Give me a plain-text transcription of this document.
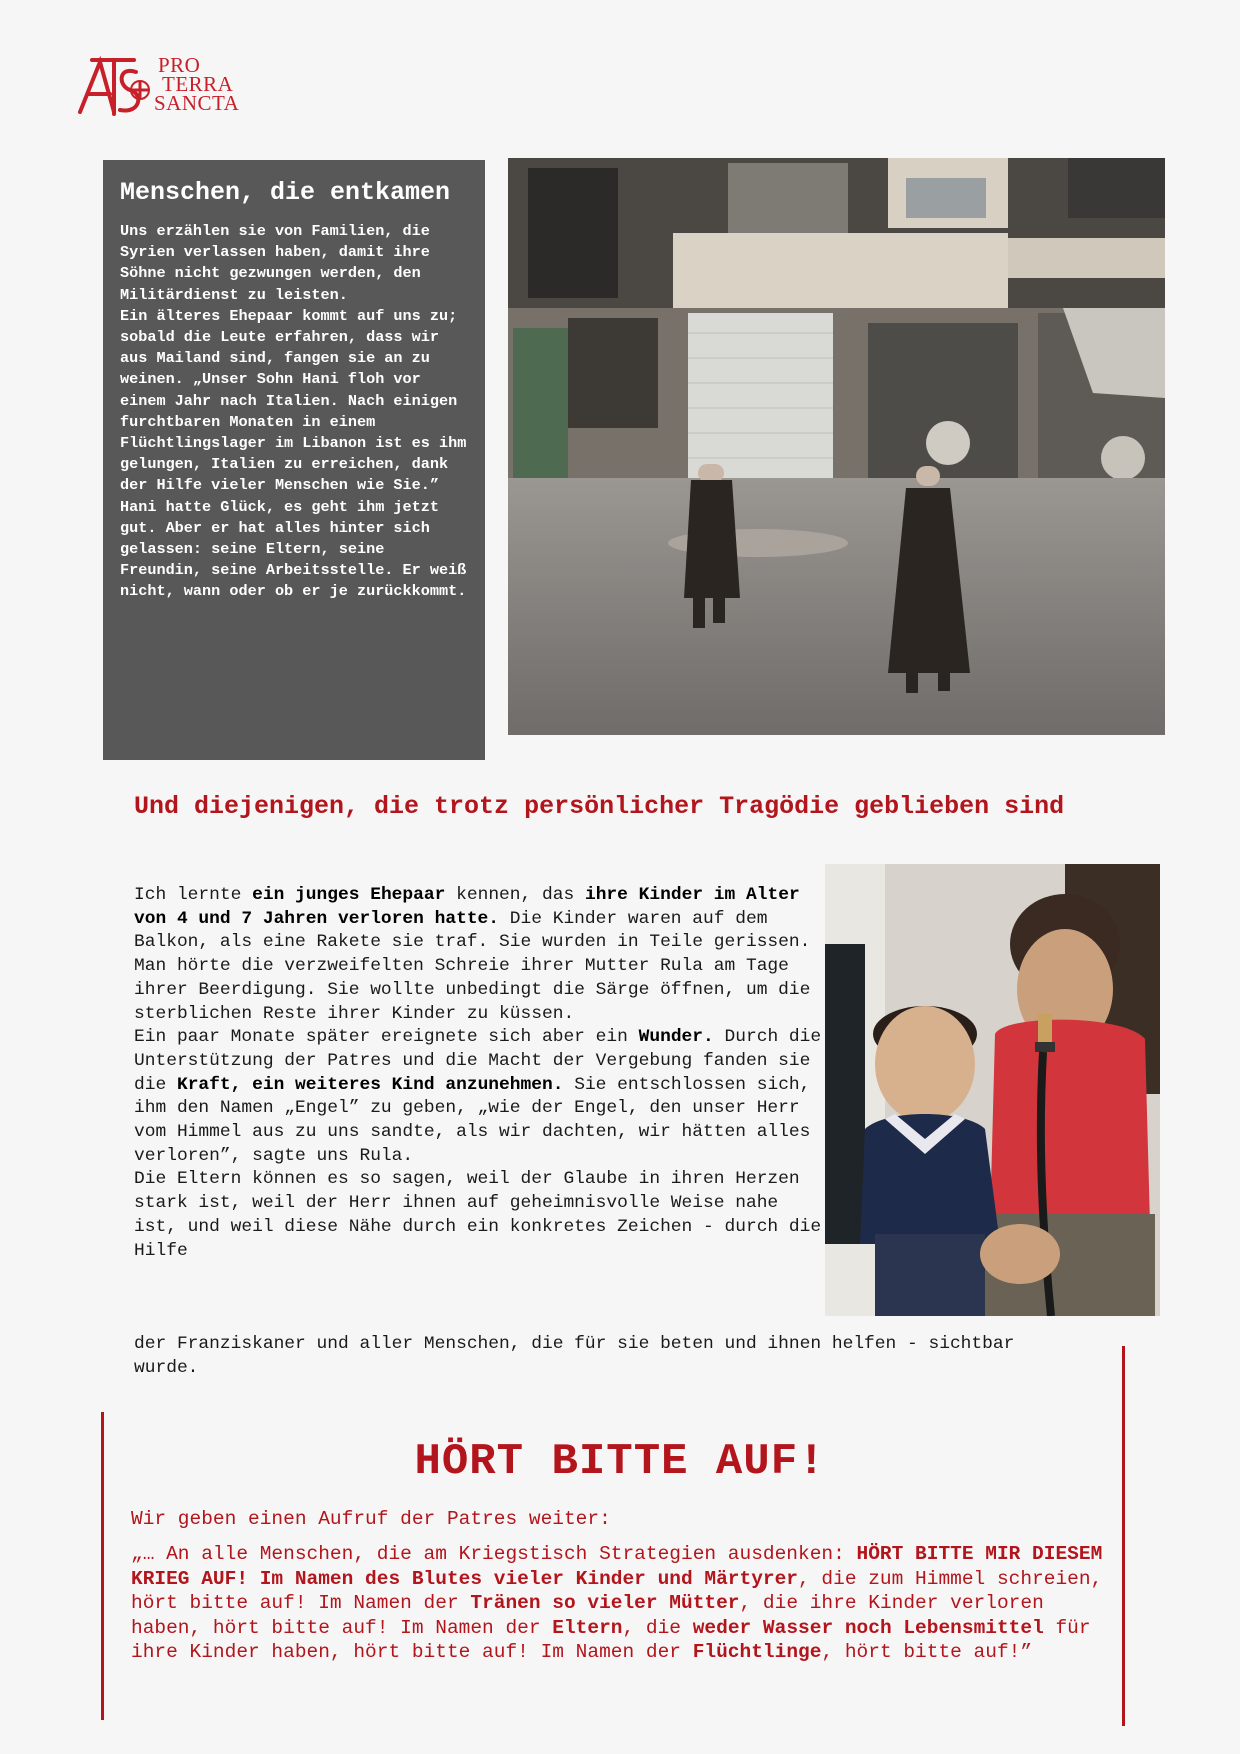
PRO
TERRA
SANCTA
Menschen, die entkamen

Uns erzählen sie von Familien, die Syrien verlassen haben, damit ihre Söhne nicht gezwungen werden, den Militärdienst zu leisten.
Ein älteres Ehepaar kommt auf uns zu; sobald die Leute erfahren, dass wir aus Mailand sind, fangen sie an zu weinen. „Unser Sohn Hani floh vor einem Jahr nach Italien. Nach einigen furchtbaren Monaten in einem Flüchtlingslager im Libanon ist es ihm gelungen, Italien zu erreichen, dank der Hilfe vieler Menschen wie Sie.” Hani hatte Glück, es geht ihm jetzt gut. Aber er hat alles hinter sich gelassen: seine Eltern, seine Freundin, seine Arbeitsstelle. Er weiß nicht, wann oder ob er je zurückkommt.

Und diejenigen, die trotz persönlicher Tragödie geblieben sind
Ich lernte ein junges Ehepaar kennen, das ihre Kinder im Alter von 4 und 7 Jahren verloren hatte. Die Kinder waren auf dem Balkon, als eine Rakete sie traf. Sie wurden in Teile gerissen.
Man hörte die verzweifelten Schreie ihrer Mutter Rula am Tage ihrer Beerdigung. Sie wollte unbedingt die Särge öffnen, um die sterblichen Reste ihrer Kinder zu küssen.
Ein paar Monate später ereignete sich aber ein Wunder. Durch die Unterstützung der Patres und die Macht der Vergebung fanden sie die Kraft, ein weiteres Kind anzunehmen. Sie entschlossen sich, ihm den Namen „Engel” zu geben, „wie der Engel, den unser Herr vom Himmel aus zu uns sandte, als wir dachten, wir hätten alles verloren”, sagte uns Rula.
Die Eltern können es so sagen, weil der Glaube in ihren Herzen stark ist, weil der Herr ihnen auf geheimnisvolle Weise nahe ist, und weil diese Nähe durch ein konkretes Zeichen - durch die Hilfe
der Franziskaner und aller Menschen, die für sie beten und ihnen helfen - sichtbar wurde.
HÖRT BITTE AUF!
Wir geben einen Aufruf der Patres weiter:
„… An alle Menschen, die am Kriegstisch Strategien ausdenken: HÖRT BITTE MIR DIESEM KRIEG AUF! Im Namen des Blutes vieler Kinder und Märtyrer, die zum Himmel schreien, hört bitte auf! Im Namen der Tränen so vieler Mütter, die ihre Kinder verloren haben, hört bitte auf! Im Namen der Eltern, die weder Wasser noch Lebensmittel für ihre Kinder haben, hört bitte auf! Im Namen der Flüchtlinge, hört bitte auf!”
